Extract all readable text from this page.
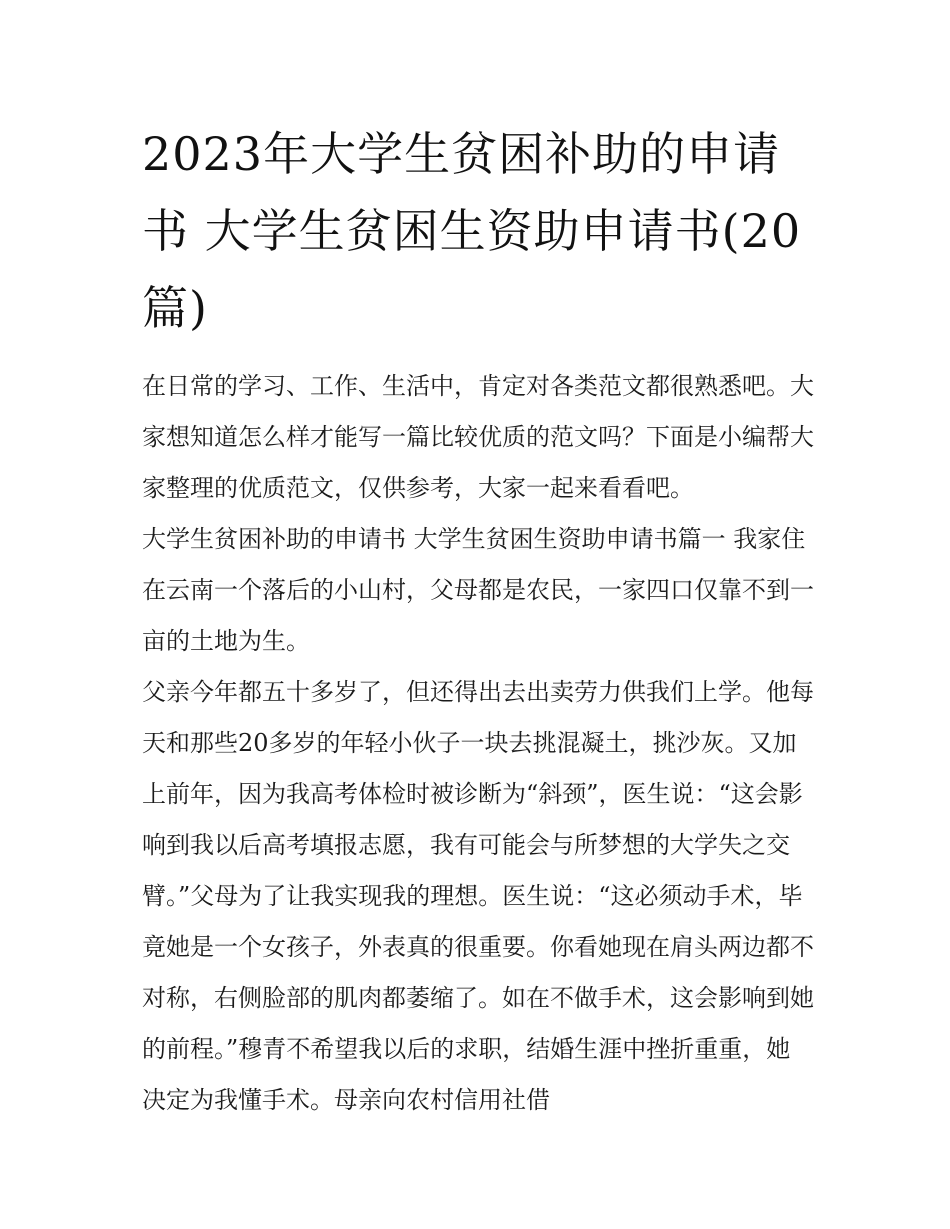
2023年大学生贫困补助的申请书 大学生贫困生资助申请书(20篇)

在日常的学习、工作、生活中，肯定对各类范文都很熟悉吧。大家想知道怎么样才能写一篇比较优质的范文吗？下面是小编帮大家整理的优质范文，仅供参考，大家一起来看看吧。

大学生贫困补助的申请书 大学生贫困生资助申请书篇一 我家住在云南一个落后的小山村，父母都是农民，一家四口仅靠不到一亩的土地为生。

父亲今年都五十多岁了，但还得出去出卖劳力供我们上学。他每天和那些20多岁的年轻小伙子一块去挑混凝土，挑沙灰。又加上前年，因为我高考体检时被诊断为“斜颈”，医生说：“这会影响到我以后高考填报志愿，我有可能会与所梦想的大学失之交臂。”父母为了让我实现我的理想。医生说：“这必须动手术，毕竟她是一个女孩子，外表真的很重要。你看她现在肩头两边都不对称，右侧脸部的肌肉都萎缩了。如在不做手术，这会影响到她的前程。”穆青不希望我以后的求职，结婚生涯中挫折重重，她决定为我懂手术。母亲向农村信用社借
